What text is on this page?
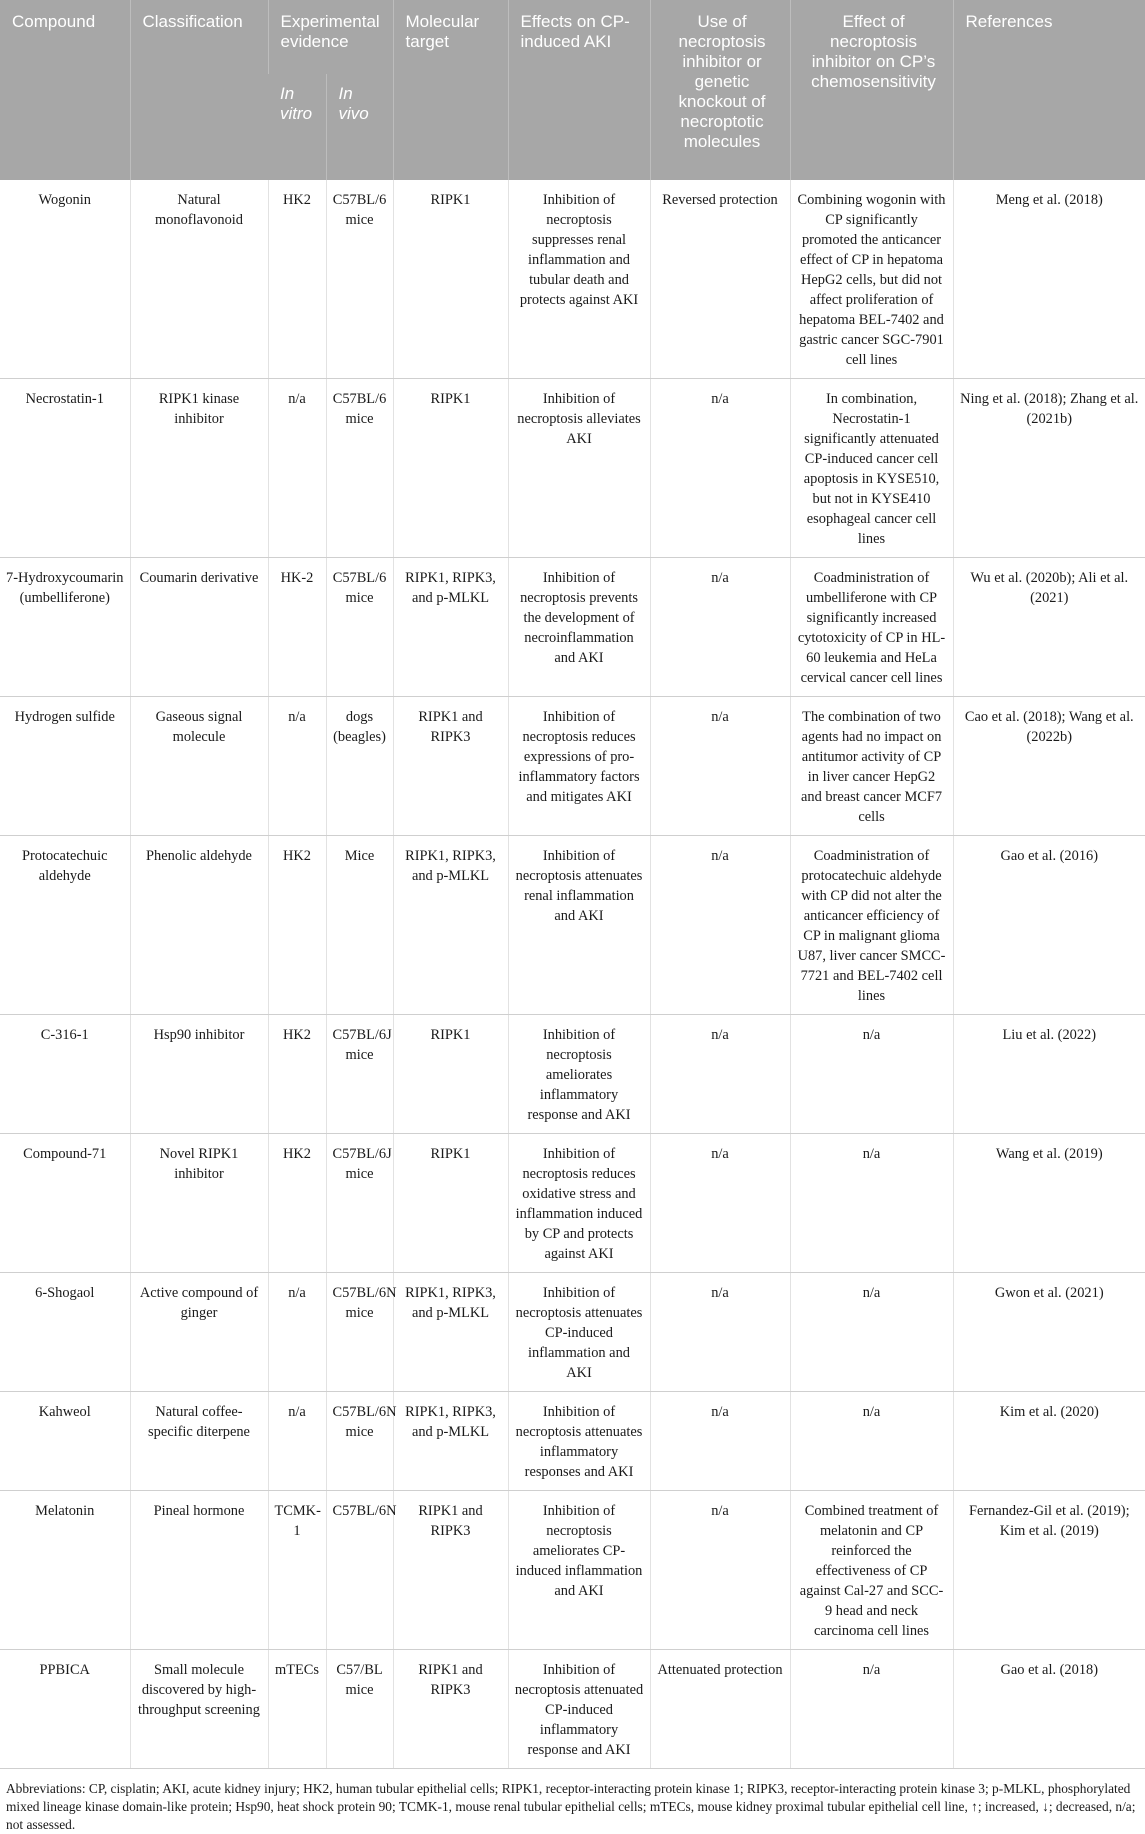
Compound	Classification	Experimental evidence		Molecular target	Effects on CP-induced AKI	Use of necroptosis inhibitor or genetic knockout of necroptotic molecules	Effect of necroptosis inhibitor on CP’s chemosensitivity	References
		In vitro	In vivo					
Wogonin	Natural monoflavonoid	HK2	C57BL/6 mice	RIPK1	Inhibition of necroptosis suppresses renal inflammation and tubular death and protects against AKI	Reversed protection	Combining wogonin with CP significantly promoted the anticancer effect of CP in hepatoma HepG2 cells, but did not affect proliferation of hepatoma BEL-7402 and gastric cancer SGC-7901 cell lines	Meng et al. (2018)
Necrostatin-1	RIPK1 kinase inhibitor	n/a	C57BL/6 mice	RIPK1	Inhibition of necroptosis alleviates AKI	n/a	In combination, Necrostatin-1 significantly attenuated CP-induced cancer cell apoptosis in KYSE510, but not in KYSE410 esophageal cancer cell lines	Ning et al. (2018); Zhang et al. (2021b)
7-Hydroxycoumarin (umbelliferone)	Coumarin derivative	HK-2	C57BL/6 mice	RIPK1, RIPK3, and p-MLKL	Inhibition of necroptosis prevents the development of necroinflammation and AKI	n/a	Coadministration of umbelliferone with CP significantly increased cytotoxicity of CP in HL-60 leukemia and HeLa cervical cancer cell lines	Wu et al. (2020b); Ali et al. (2021)
Hydrogen sulfide	Gaseous signal molecule	n/a	dogs (beagles)	RIPK1 and RIPK3	Inhibition of necroptosis reduces expressions of pro-inflammatory factors and mitigates AKI	n/a	The combination of two agents had no impact on antitumor activity of CP in liver cancer HepG2 and breast cancer MCF7 cells	Cao et al. (2018); Wang et al. (2022b)
Protocatechuic aldehyde	Phenolic aldehyde	HK2	Mice	RIPK1, RIPK3, and p-MLKL	Inhibition of necroptosis attenuates renal inflammation and AKI	n/a	Coadministration of protocatechuic aldehyde with CP did not alter the anticancer efficiency of CP in malignant glioma U87, liver cancer SMCC-7721 and BEL-7402 cell lines	Gao et al. (2016)
C-316-1	Hsp90 inhibitor	HK2	C57BL/6J mice	RIPK1	Inhibition of necroptosis ameliorates inflammatory response and AKI	n/a	n/a	Liu et al. (2022)
Compound-71	Novel RIPK1 inhibitor	HK2	C57BL/6J mice	RIPK1	Inhibition of necroptosis reduces oxidative stress and inflammation induced by CP and protects against AKI	n/a	n/a	Wang et al. (2019)
6-Shogaol	Active compound of ginger	n/a	C57BL/6N mice	RIPK1, RIPK3, and p-MLKL	Inhibition of necroptosis attenuates CP-induced inflammation and AKI	n/a	n/a	Gwon et al. (2021)
Kahweol	Natural coffee-specific diterpene	n/a	C57BL/6N mice	RIPK1, RIPK3, and p-MLKL	Inhibition of necroptosis attenuates inflammatory responses and AKI	n/a	n/a	Kim et al. (2020)
Melatonin	Pineal hormone	TCMK-1	C57BL/6N	RIPK1 and RIPK3	Inhibition of necroptosis ameliorates CP-induced inflammation and AKI	n/a	Combined treatment of melatonin and CP reinforced the effectiveness of CP against Cal-27 and SCC-9 head and neck carcinoma cell lines	Fernandez-Gil et al. (2019); Kim et al. (2019)
PPBICA	Small molecule discovered by high-throughput screening	mTECs	C57/BL mice	RIPK1 and RIPK3	Inhibition of necroptosis attenuated CP-induced inflammatory response and AKI	Attenuated protection	n/a	Gao et al. (2018)
Abbreviations: CP, cisplatin; AKI, acute kidney injury; HK2, human tubular epithelial cells; RIPK1, receptor-interacting protein kinase 1; RIPK3, receptor-interacting protein kinase 3; p-MLKL, phosphorylated mixed lineage kinase domain-like protein; Hsp90, heat shock protein 90; TCMK-1, mouse renal tubular epithelial cells; mTECs, mouse kidney proximal tubular epithelial cell line, ↑; increased, ↓; decreased, n/a; not assessed.
